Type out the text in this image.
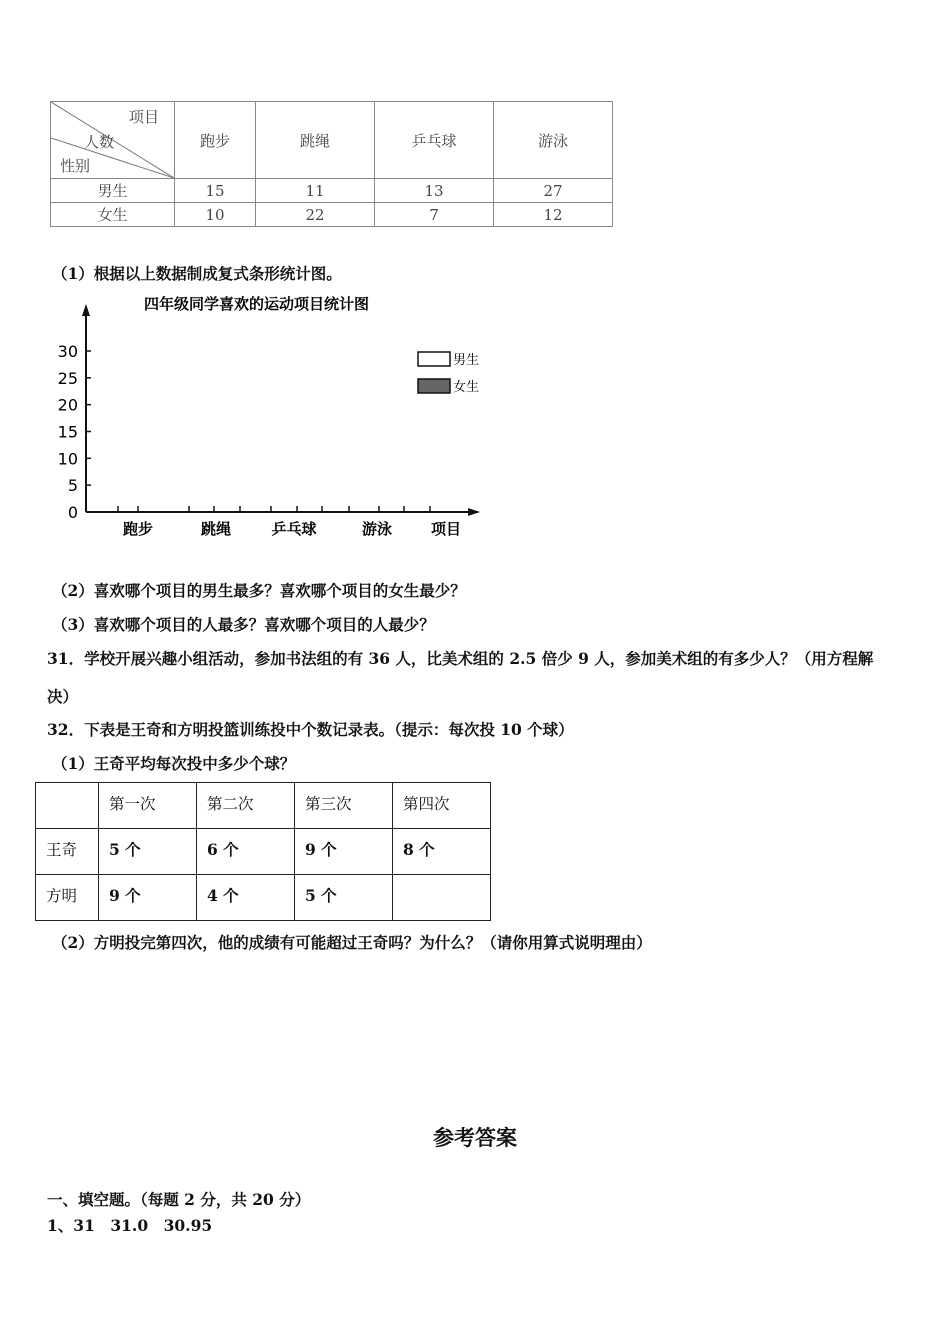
项目
人数
性别	跑步	跳绳	乒乓球	游泳
男生	15	11	13	27
女生	10	22	7	12
（1）根据以上数据制成复式条形统计图。
四年级同学喜欢的运动项目统计图
0
5
10
15
20
25
30
跑步	跳绳	乒乓球	游泳	项目
男生
女生
（2）喜欢哪个项目的男生最多？喜欢哪个项目的女生最少？
（3）喜欢哪个项目的人最多？喜欢哪个项目的人最少？
31．学校开展兴趣小组活动，参加书法组的有 36 人，比美术组的 2.5 倍少 9 人，参加美术组的有多少人？（用方程解
决）
32．下表是王奇和方明投篮训练投中个数记录表。（提示：每次投 10 个球）
（1）王奇平均每次投中多少个球？
	第一次	第二次	第三次	第四次
王奇	5 个	6 个	9 个	8 个
方明	9 个	4 个	5 个	
（2）方明投完第四次，他的成绩有可能超过王奇吗？为什么？（请你用算式说明理由）
参考答案
一、填空题。（每题 2 分，共 20 分）
1、31　31.0　30.95
